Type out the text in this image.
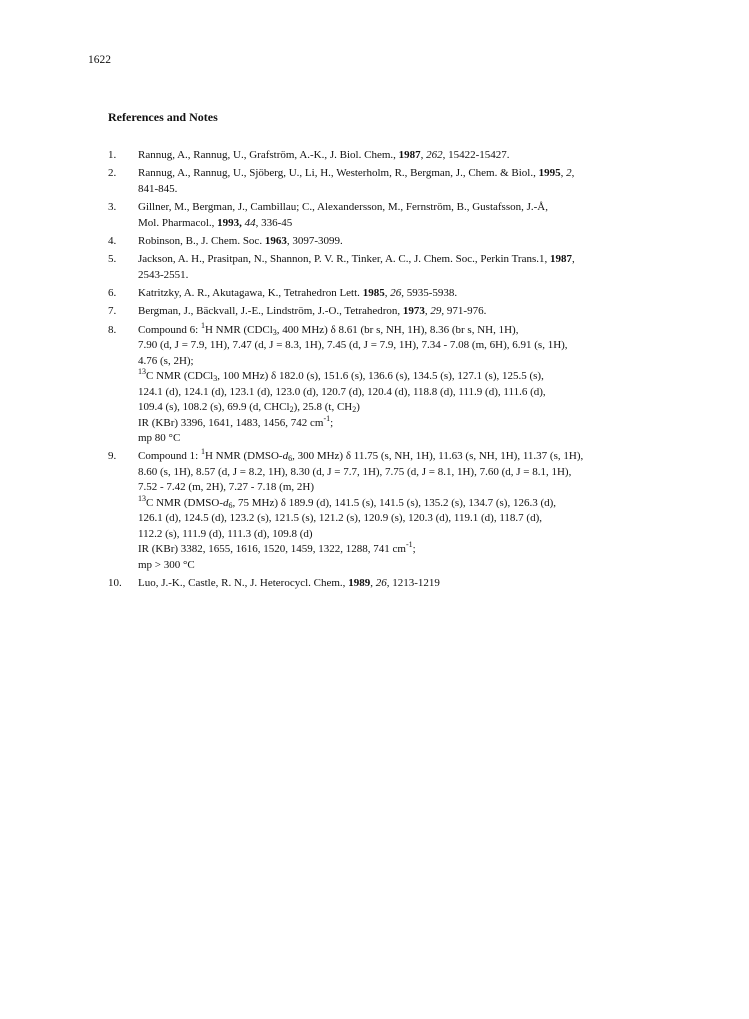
1622
References and Notes
1. Rannug, A., Rannug, U., Grafström, A.-K., J. Biol. Chem., 1987, 262, 15422-15427.
2. Rannug, A., Rannug, U., Sjöberg, U., Li, H., Westerholm, R., Bergman, J., Chem. & Biol., 1995, 2,
841-845.
3. Gillner, M., Bergman, J., Cambillau; C., Alexandersson, M., Fernström, B., Gustafsson, J.-Å,
Mol. Pharmacol., 1993, 44, 336-45
4. Robinson, B., J. Chem. Soc. 1963, 3097-3099.
5. Jackson, A. H., Prasitpan, N., Shannon, P. V. R., Tinker, A. C., J. Chem. Soc., Perkin Trans.1, 1987,
2543-2551.
6. Katritzky, A. R., Akutagawa, K., Tetrahedron Lett. 1985, 26, 5935-5938.
7. Bergman, J., Bäckvall, J.-E., Lindström, J.-O., Tetrahedron, 1973, 29, 971-976.
8. Compound 6: $^1$H NMR (CDCl$_3$, 400 MHz) δ 8.61 (br s, NH, 1H), 8.36 (br s, NH, 1H),
7.90 (d, J = 7.9, 1H), 7.47 (d, J = 8.3, 1H), 7.45 (d, J = 7.9, 1H), 7.34 - 7.08 (m, 6H), 6.91 (s, 1H),
4.76 (s, 2H);
$^{13}$C NMR (CDCl$_3$, 100 MHz) δ 182.0 (s), 151.6 (s), 136.6 (s), 134.5 (s), 127.1 (s), 125.5 (s),
124.1 (d), 124.1 (d), 123.1 (d), 123.0 (d), 120.7 (d), 120.4 (d), 118.8 (d), 111.9 (d), 111.6 (d),
109.4 (s), 108.2 (s), 69.9 (d, CHCl$_2$), 25.8 (t, $CH_2$)
IR (KBr) 3396, 1641, 1483, 1456, 742 $cm^{-1}$;
mp 80 °C
9. Compound 1: $^1$H NMR ($DMSO-d_6$, 300 MHz) δ 11.75 (s, NH, 1H), 11.63 (s, NH, 1H), 11.37 (s, 1H),
8.60 (s, 1H), 8.57 (d, J = 8.2, 1H), 8.30 (d, J = 7.7, 1H), 7.75 (d, J = 8.1, 1H), 7.60 (d, J = 8.1, 1H),
7.52 - 7.42 (m, 2H), 7.27 - 7.18 (m, 2H)
$^{13}$C NMR ($DMSO-d_6$, 75 MHz) δ 189.9 (d), 141.5 (s), 141.5 (s), 135.2 (s), 134.7 (s), 126.3 (d),
126.1 (d), 124.5 (d), 123.2 (s), 121.5 (s), 121.2 (s), 120.9 (s), 120.3 (d), 119.1 (d), 118.7 (d),
112.2 (s), 111.9 (d), 111.3 (d), 109.8 (d)
IR (KBr) 3382, 1655, 1616, 1520, 1459, 1322, 1288, 741 $cm^{-1}$;
mp > 300 °C
10. Luo, J.-K., Castle, R. N., J. Heterocycl. Chem., 1989, 26, 1213-1219
